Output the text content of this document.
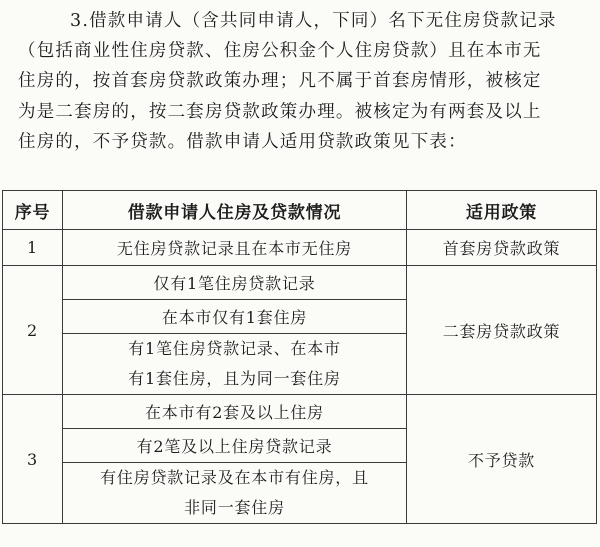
3.借款申请人（含共同申请人，下同）名下无住房贷款记录
（包括商业性住房贷款、住房公积金个人住房贷款）且在本市无
住房的，按首套房贷款政策办理；凡不属于首套房情形，被核定
为是二套房的，按二套房贷款政策办理。被核定为有两套及以上
住房的，不予贷款。借款申请人适用贷款政策见下表：
序号	借款申请人住房及贷款情况	适用政策
1	无住房贷款记录且在本市无住房	首套房贷款政策
2	仅有1笔住房贷款记录	二套房贷款政策
	在本市仅有1套住房	
	有1笔住房贷款记录、在本市有1套住房，且为同一套住房	
3	在本市有2套及以上住房	不予贷款
	有2笔及以上住房贷款记录	
	有住房贷款记录及在本市有住房，且非同一套住房	
